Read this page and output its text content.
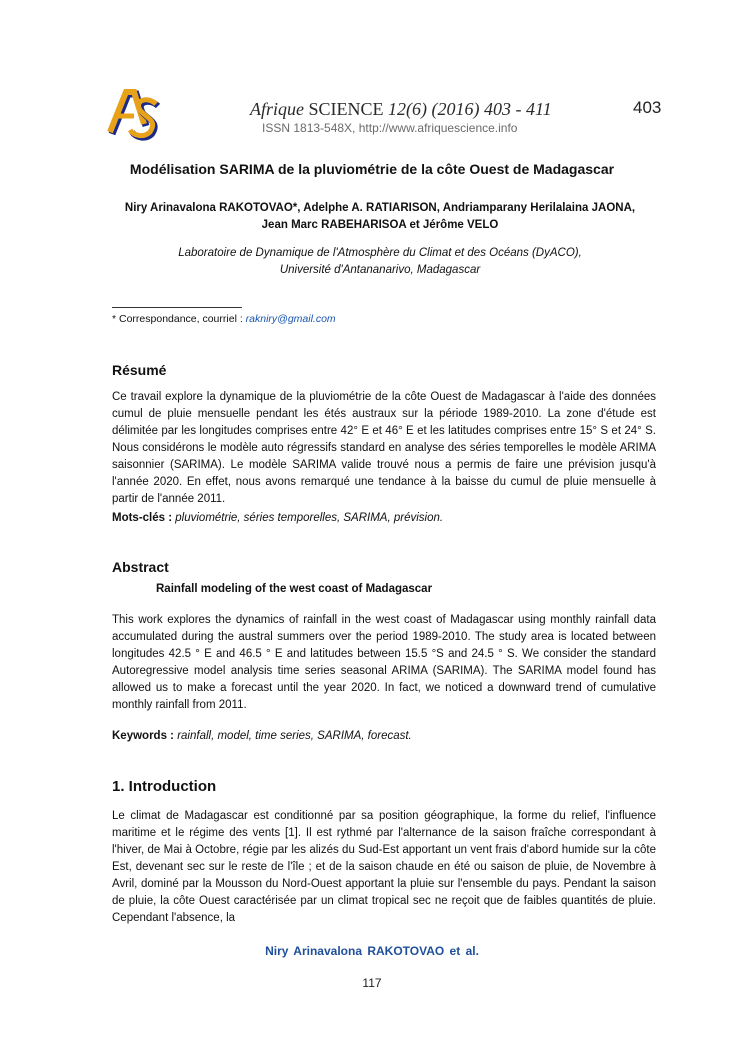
Afrique SCIENCE 12(6) (2016) 403 - 411	403
ISSN 1813-548X, http://www.afriquescience.info
Modélisation SARIMA de la pluviométrie de la côte Ouest de Madagascar
Niry Arinavalona RAKOTOVAO*, Adelphe A. RATIARISON, Andriamparany Herilalaina JAONA,
Jean Marc RABEHARISOA et Jérôme VELO
Laboratoire de Dynamique de l'Atmosphère du Climat et des Océans (DyACO),
Université d'Antananarivo, Madagascar
* Correspondance, courriel : rakniry@gmail.com
Résumé

Ce travail explore la dynamique de la pluviométrie de la côte Ouest de Madagascar à l'aide des données cumul de pluie mensuelle pendant les étés austraux sur la période 1989-2010. La zone d'étude est délimitée par les longitudes comprises entre 42° E et 46° E et les latitudes comprises entre 15° S et 24° S. Nous considérons le modèle auto régressifs standard en analyse des séries temporelles le modèle ARIMA saisonnier (SARIMA). Le modèle SARIMA valide trouvé nous a permis de faire une prévision jusqu'à l'année 2020. En effet, nous avons remarqué une tendance à la baisse du cumul de pluie mensuelle à partir de l'année 2011.

Mots-clés : pluviométrie, séries temporelles, SARIMA, prévision.
Abstract
Rainfall modeling of the west coast of Madagascar

This work explores the dynamics of rainfall in the west coast of Madagascar using monthly rainfall data accumulated during the austral summers over the period 1989-2010. The study area is located between longitudes 42.5 ° E and 46.5 ° E and latitudes between 15.5 °S and 24.5 ° S. We consider the standard Autoregressive model analysis time series seasonal ARIMA (SARIMA). The SARIMA model found has allowed us to make a forecast until the year 2020. In fact, we noticed a downward trend of cumulative monthly rainfall from 2011.

Keywords : rainfall, model, time series, SARIMA, forecast.
1. Introduction

Le climat de Madagascar est conditionné par sa position géographique, la forme du relief, l'influence maritime et le régime des vents [1]. Il est rythmé par l'alternance de la saison fraîche correspondant à l'hiver, de Mai à Octobre, régie par les alizés du Sud-Est apportant un vent frais d'abord humide sur la côte Est, devenant sec sur le reste de l'île ; et de la saison chaude en été ou saison de pluie, de Novembre à Avril, dominé par la Mousson du Nord-Ouest apportant la pluie sur l'ensemble du pays. Pendant la saison de pluie, la côte Ouest caractérisée par un climat tropical sec ne reçoit que de faibles quantités de pluie. Cependant l'absence, la

Niry Arinavalona RAKOTOVAO et al.
117
